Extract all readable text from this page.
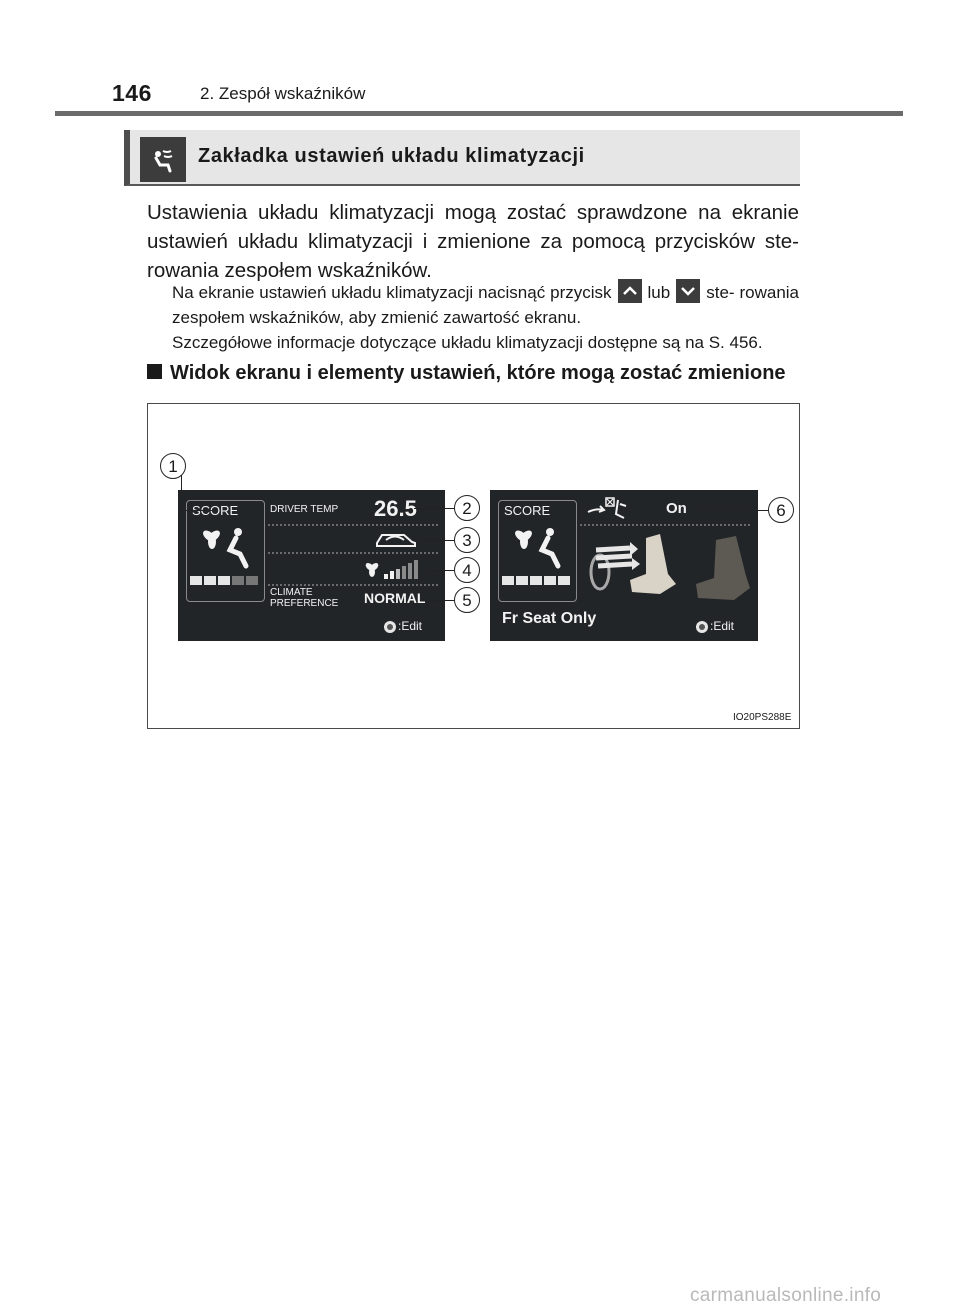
146	2. Zespół wskaźników
Zakładka ustawień układu klimatyzacji
Ustawienia układu klimatyzacji mogą zostać sprawdzone na ekranie ustawień układu klimatyzacji i zmienione za pomocą przycisków ste- rowania zespołem wskaźników.
Na ekranie ustawień układu klimatyzacji nacisnąć przycisk lub ste- rowania zespołem wskaźników, aby zmienić zawartość ekranu.
Szczegółowe informacje dotyczące układu klimatyzacji dostępne są na S. 456.
Widok ekranu i elementy ustawień, które mogą zostać zmienione
SCORE	DRIVER TEMP 26.5
CLIMATE
PREFERENCE NORMAL
:Edit
SCORE	On
Fr Seat Only	:Edit
1
2
3
4
5
6
IO20PS288E
carmanualsonline.info
